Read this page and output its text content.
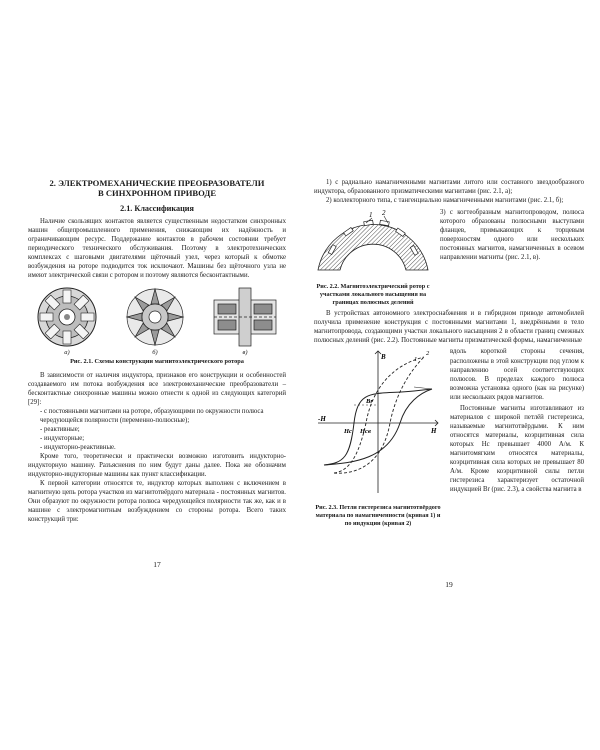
2. ЭЛЕКТРОМЕХАНИЧЕСКИЕ ПРЕОБРАЗОВАТЕЛИ
В СИНХРОННОМ ПРИВОДЕ
2.1. Классификация

Наличие скользящих контактов является существенным недостатком синхронных машин общепромышленного применения, снижающим их надёжность и ограничивающим ресурс. Поддержание контактов в рабочем состоянии требует периодического технического обслуживания. Поэтому в электротехнических комплексах с шаговыми двигателями щёточный узел, через который к обмотке возбуждения на роторе подводится ток исключают. Машины без щёточного узла не имеют электрической связи с ротором и поэтому являются бесконтактными.

а)	б)	в)
Рис. 2.1. Схемы конструкции магнитоэлектрического ротора

В зависимости от наличия индуктора, признаков его конструкции и особенностей создаваемого им потока возбуждения все электромеханические преобразователи – бесконтактные синхронные машины можно отнести к одной из следующих категорий [29]:

- с постоянными магнитами на роторе, образующими по окружности полюса чередующейся полярности (переменно-полюсные);
- реактивные;
- индукторные;
- индукторно-реактивные.

Кроме того, теоретически и практически возможно изготовить индукторно-индукторную машину. Разъяснения по ним будут даны далее. Пока же обозначим индукторно-индукторные машины как пункт классификации.

К первой категории относятся те, индуктор которых выполнен с включением в магнитную цепь ротора участков из магнитотвёрдого материала - постоянных магнитов. Они образуют по окружности ротора полюса чередующейся полярности так же, как и в машине с электромагнитным возбуждением со стороны ротора. Всего таких конструкций три:

17

1) с радиально намагниченными магнитами литого или составного звездообразного индуктора, образованного призматическими магнитами (рис. 2.1, а);

2) коллекторного типа, с тангенциально намагниченными магнитами (рис. 2.1, б);

1 2
Рис. 2.2. Магнитоэлектрический ротор с участками локального насыщения на границах полюсных делений
3) с когтеобразным магнитопроводом, полюса которого образованы полюсными выступами фланцев, примыкающих к торцевым поверхностям одного или нескольких постоянных магнитов, намагниченных в осевом направлении магниты (рис. 2.1, в).

В устройствах автономного электроснабжения и в гибридном приводе автомобилей получила применение конструкция с постоянными магнитами 1, внедрёнными в тело магнитопровода, создающими участки локального насыщения 2 в области границ смежных полюсных делений (рис. 2.2). Постоянные магниты призматической формы, намагниченные

B
H
-H
Br
Hc Hсв
1
2
Рис. 2.3. Петли гистерезиса магнитотвёрдого материала по намагниченности (кривая 1) и по индукции (кривая 2)
вдоль короткой стороны сечения, расположены в этой конструкции под углом к направлению осей соответствующих полюсов. В пределах каждого полюса возможна установка одного (как на рисунке) или нескольких рядов магнитов.
Постоянные магниты изготавливают из материалов с широкой петлёй гистерезиса, называемые магнитотвёрдыми. К ним относятся материалы, коэрцитивная сила которых Hc превышает 4000 А/м. К магнитомягким относятся материалы, коэрцитивная сила которых не превышает 80 А/м. Кроме коэрцитивной силы петли гистерезиса характеризует остаточной индукцией Br (рис. 2.3), а свойства магнита в
19
